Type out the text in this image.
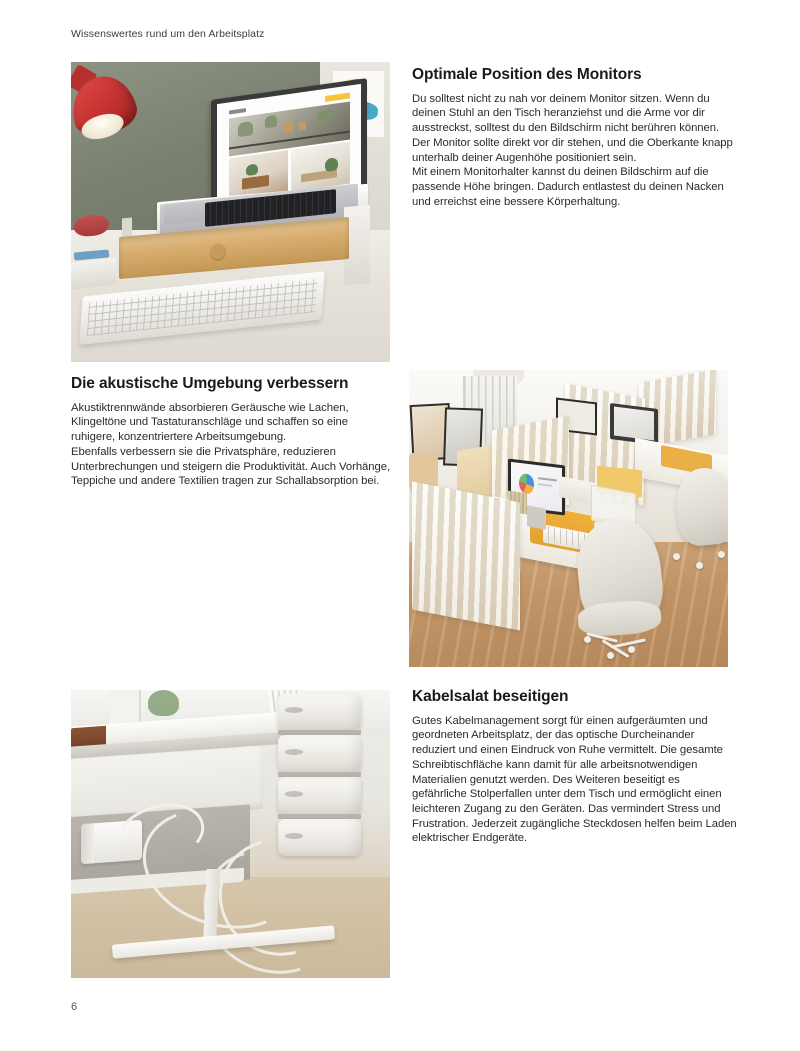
Wissenswertes rund um den Arbeitsplatz
Optimale Position des Monitors

Du solltest nicht zu nah vor deinem Monitor sitzen. Wenn du deinen Stuhl an den Tisch heranziehst und die Arme vor dir ausstreckst, solltest du den Bildschirm nicht berühren können. Der Monitor sollte direkt vor dir stehen, und die Oberkante knapp unterhalb deiner Augenhöhe positioniert sein.

Mit einem Monitorhalter kannst du deinen Bildschirm auf die passende Höhe bringen. Dadurch entlastest du deinen Nacken und erreichst eine bessere Körperhaltung.

Die akustische Umgebung verbessern

Akustiktrennwände absorbieren Geräusche wie Lachen, Klingeltöne und Tastaturanschläge und schaffen so eine ruhigere, konzentriertere Arbeitsumgebung.

Ebenfalls verbessern sie die Privatsphäre, reduzieren Unterbrechungen und steigern die Produktivität. Auch Vorhänge, Teppiche und andere Textilien tragen zur Schallabsorption bei.

Kabelsalat beseitigen

Gutes Kabelmanagement sorgt für einen aufgeräumten und geordneten Arbeitsplatz, der das optische Durcheinander reduziert und einen Eindruck von Ruhe vermittelt. Die gesamte Schreibtischfläche kann damit für alle arbeitsnotwendigen Materialien genutzt werden. Des Weiteren beseitigt es gefährliche Stolperfallen unter dem Tisch und ermöglicht einen leichteren Zugang zu den Geräten. Das vermindert Stress und Frustration. Jederzeit zugängliche Steckdosen helfen beim Laden elektrischer Endgeräte.

6
